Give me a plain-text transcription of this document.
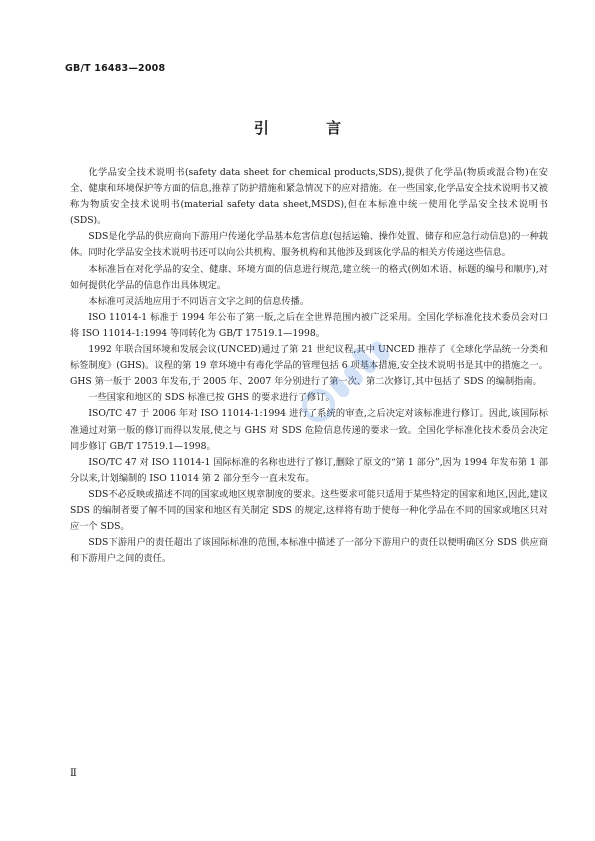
GB/T 16483—2008
引 言

化学品安全技术说明书(safety data sheet for chemical products,SDS),提供了化学品(物质或混合物)在安全、健康和环境保护等方面的信息,推荐了防护措施和紧急情况下的应对措施。在一些国家,化学品安全技术说明书又被称为物质安全技术说明书(material safety data sheet,MSDS),但在本标准中统一使用化学品安全技术说明书(SDS)。

SDS是化学品的供应商向下游用户传递化学品基本危害信息(包括运输、操作处置、储存和应急行动信息)的一种载体。同时化学品安全技术说明书还可以向公共机构、服务机构和其他涉及到该化学品的相关方传递这些信息。

本标准旨在对化学品的安全、健康、环境方面的信息进行规范,建立统一的格式(例如术语、标题的编号和顺序),对如何提供化学品的信息作出具体规定。

本标准可灵活地应用于不同语言文字之间的信息传播。

ISO 11014-1 标准于 1994 年公布了第一版,之后在全世界范围内被广泛采用。全国化学标准化技术委员会对口将 ISO 11014-1:1994 等同转化为 GB/T 17519.1—1998。

1992 年联合国环境和发展会议(UNCED)通过了第 21 世纪议程,其中 UNCED 推荐了《全球化学品统一分类和标签制度》(GHS)。议程的第 19 章环境中有毒化学品的管理包括 6 项基本措施,安全技术说明书是其中的措施之一。GHS 第一版于 2003 年发布,于 2005 年、2007 年分别进行了第一次、第二次修订,其中包括了 SDS 的编制指南。

一些国家和地区的 SDS 标准已按 GHS 的要求进行了修订。

ISO/TC 47 于 2006 年对 ISO 11014-1:1994 进行了系统的审查,之后决定对该标准进行修订。因此,该国际标准通过对第一版的修订而得以发展,使之与 GHS 对 SDS 危险信息传递的要求一致。全国化学标准化技术委员会决定同步修订 GB/T 17519.1—1998。

ISO/TC 47 对 ISO 11014-1 国际标准的名称也进行了修订,删除了原文的“第 1 部分”,因为 1994 年发布第 1 部分以来,计划编制的 ISO 11014 第 2 部分至今一直未发布。

SDS不必反映或描述不同的国家或地区规章制度的要求。这些要求可能只适用于某些特定的国家和地区,因此,建议 SDS 的编制者要了解不同的国家和地区有关制定 SDS 的规定,这样将有助于使每一种化学品在不同的国家或地区只对应一个 SDS。

SDS下游用户的责任超出了该国际标准的范围,本标准中描述了一部分下游用户的责任以便明确区分 SDS 供应商和下游用户之间的责任。

Ⅱ
